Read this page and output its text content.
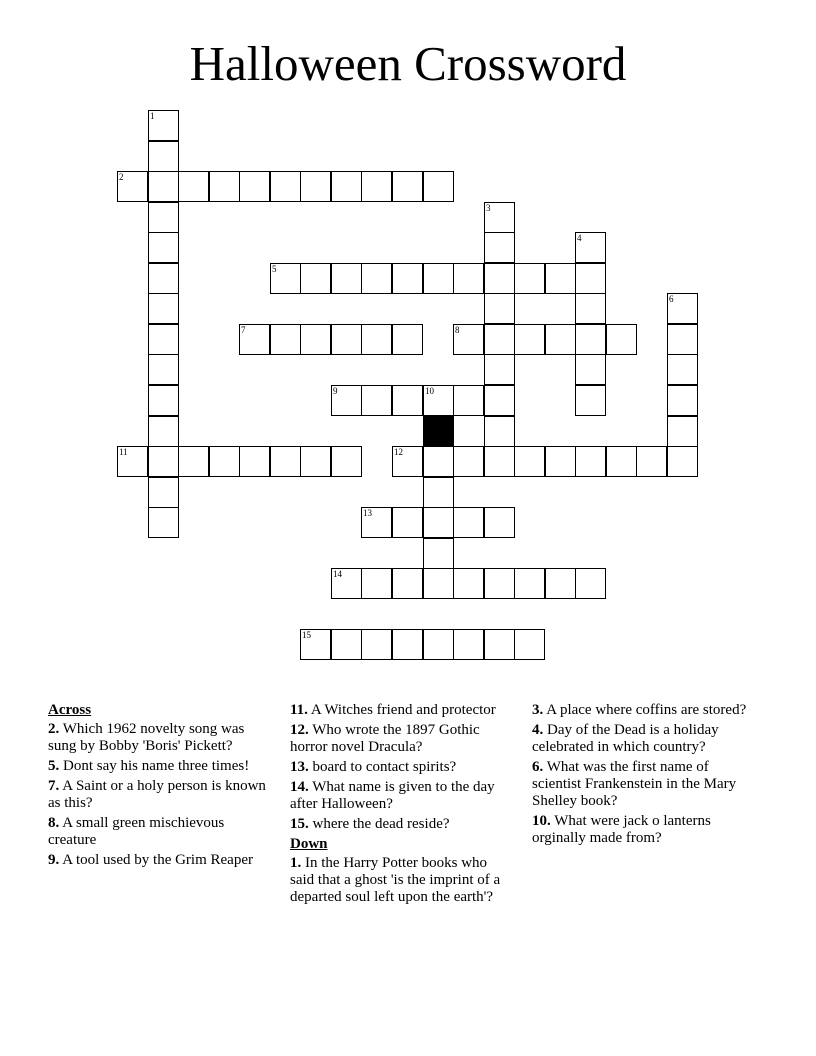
Halloween Crossword
2
5
7	8
9	10
11	12
13
14
15
1
3
4
6
Across
2. Which 1962 novelty song was sung by Bobby 'Boris' Pickett?
5. Dont say his name three times!
7. A Saint or a holy person is known as this?
8. A small green mischievous creature
9. A tool used by the Grim Reaper
11. A Witches friend and protector
12. Who wrote the 1897 Gothic horror novel Dracula?
13. board to contact spirits?
14. What name is given to the day after Halloween?
15. where the dead reside?
Down
1. In the Harry Potter books who said that a ghost 'is the imprint of a departed soul left upon the earth'?
3. A place where coffins are stored?
4. Day of the Dead is a holiday celebrated in which country?
6. What was the first name of scientist Frankenstein in the Mary Shelley book?
10. What were jack o lanterns orginally made from?
